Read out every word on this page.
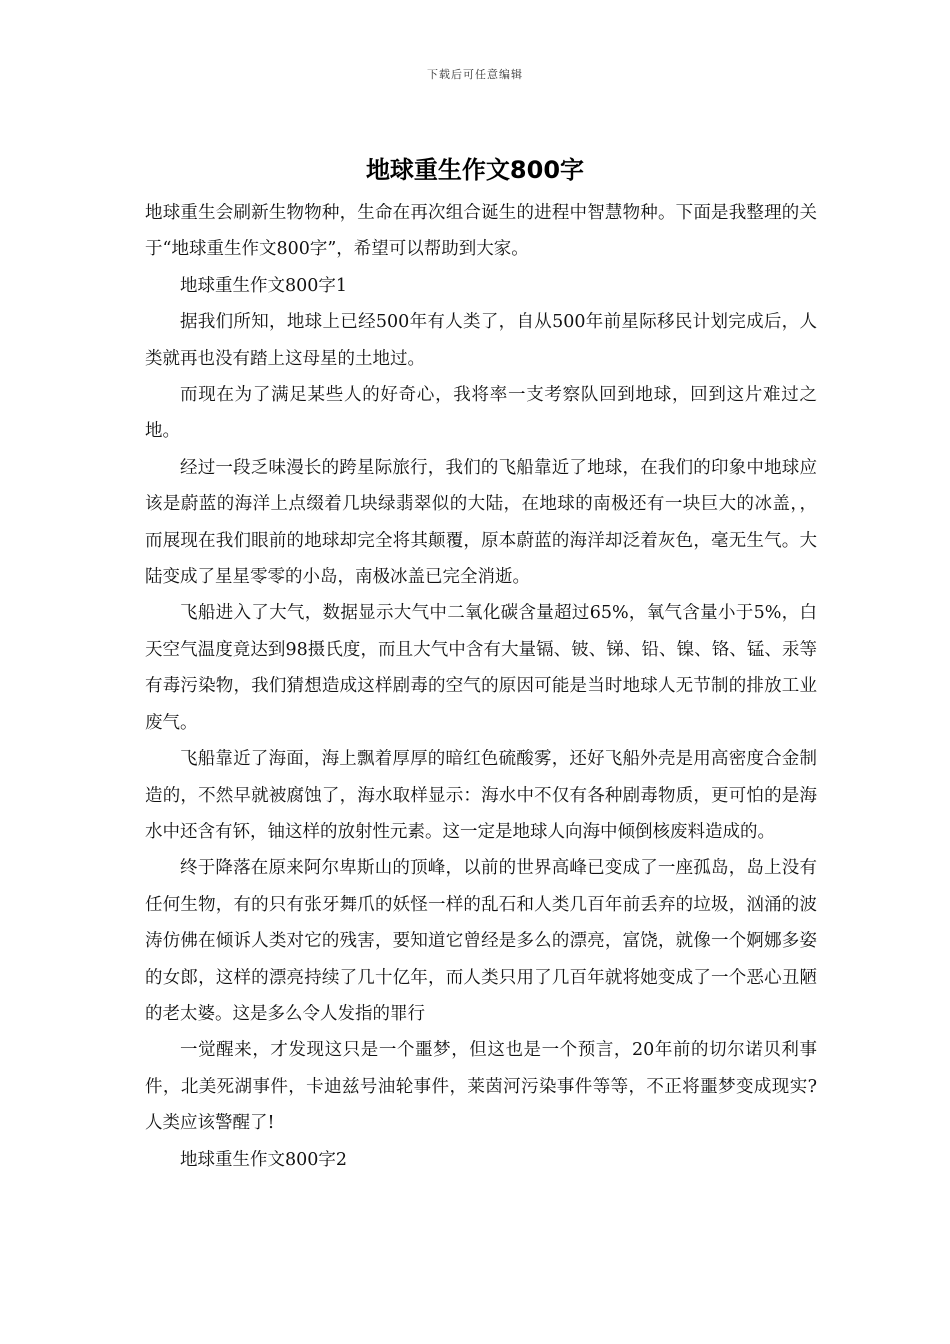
下载后可任意编辑
地球重生作文800字

地球重生会刷新生物物种，生命在再次组合诞生的进程中智慧物种。下面是我整理的关于“地球重生作文800字”，希望可以帮助到大家。

地球重生作文800字1

据我们所知，地球上已经500年有人类了，自从500年前星际移民计划完成后，人类就再也没有踏上这母星的土地过。

而现在为了满足某些人的好奇心，我将率一支考察队回到地球，回到这片难过之地。

经过一段乏味漫长的跨星际旅行，我们的飞船靠近了地球，在我们的印象中地球应该是蔚蓝的海洋上点缀着几块绿翡翠似的大陆，在地球的南极还有一块巨大的冰盖，，而展现在我们眼前的地球却完全将其颠覆，原本蔚蓝的海洋却泛着灰色，毫无生气。大陆变成了星星零零的小岛，南极冰盖已完全消逝。

飞船进入了大气，数据显示大气中二氧化碳含量超过65%，氧气含量小于5%，白天空气温度竟达到98摄氏度，而且大气中含有大量镉、铍、锑、铅、镍、铬、锰、汞等有毒污染物，我们猜想造成这样剧毒的空气的原因可能是当时地球人无节制的排放工业废气。

飞船靠近了海面，海上飘着厚厚的暗红色硫酸雾，还好飞船外壳是用高密度合金制造的，不然早就被腐蚀了，海水取样显示：海水中不仅有各种剧毒物质，更可怕的是海水中还含有钚，铀这样的放射性元素。这一定是地球人向海中倾倒核废料造成的。

终于降落在原来阿尔卑斯山的顶峰，以前的世界高峰已变成了一座孤岛，岛上没有任何生物，有的只有张牙舞爪的妖怪一样的乱石和人类几百年前丢弃的垃圾，汹涌的波涛仿佛在倾诉人类对它的残害，要知道它曾经是多么的漂亮，富饶，就像一个婀娜多姿的女郎，这样的漂亮持续了几十亿年，而人类只用了几百年就将她变成了一个恶心丑陋的老太婆。这是多么令人发指的罪行

一觉醒来，才发现这只是一个噩梦，但这也是一个预言，20年前的切尔诺贝利事件，北美死湖事件，卡迪兹号油轮事件，莱茵河污染事件等等，不正将噩梦变成现实?人类应该警醒了!

地球重生作文800字2
